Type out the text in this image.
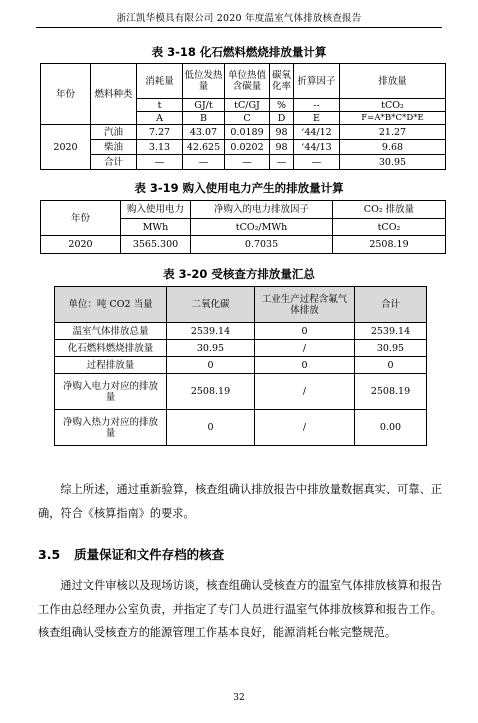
浙江凯华模具有限公司 2020 年度温室气体排放核查报告
表 3-18 化石燃料燃烧排放量计算
年份	燃料种类	消耗量	低位发热量	单位热值含碳量	碳氧化率	折算因子	排放量
		t	GJ/t	tC/GJ	%	--	tCO₂
		A	B	C	D	E	F=A*B*C*D*E
2020	汽油	7.27	43.07	0.0189	98	‘44/12	21.27
	柴油	3.13	42.625	0.0202	98	‘44/13	9.68
	合计	—	—	—	—	—	30.95
表 3-19 购入使用电力产生的排放量计算
年份	购入使用电力	净购入的电力排放因子	CO₂ 排放量
	MWh	tCO₂/MWh	tCO₂
2020	3565.300	0.7035	2508.19
表 3-20 受核查方排放量汇总
单位：吨 CO2 当量	二氧化碳	工业生产过程含氟气体排放	合计
温室气体排放总量	2539.14	0	2539.14
化石燃料燃烧排放量	30.95	/	30.95
过程排放量	0	0	0
净购入电力对应的排放量	2508.19	/	2508.19
净购入热力对应的排放量	0	/	0.00

综上所述，通过重新验算，核查组确认排放报告中排放量数据真实、可靠、正确，符合《核算指南》的要求。

3.5 质量保证和文件存档的核查

通过文件审核以及现场访谈，核查组确认受核查方的温室气体排放核算和报告工作由总经理办公室负责，并指定了专门人员进行温室气体排放核算和报告工作。核查组确认受核查方的能源管理工作基本良好，能源消耗台帐完整规范。

32
